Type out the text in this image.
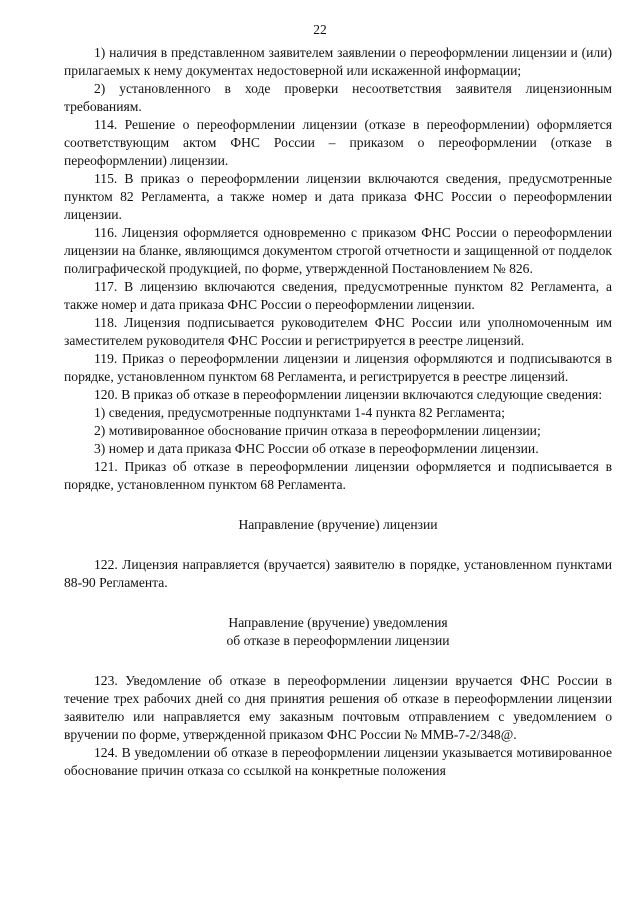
22

1) наличия в представленном заявителем заявлении о переоформлении лицензии и (или) прилагаемых к нему документах недостоверной или искаженной информации;

2) установленного в ходе проверки несоответствия заявителя лицензионным требованиям.

114. Решение о переоформлении лицензии (отказе в переоформлении) оформляется соответствующим актом ФНС России – приказом о переоформлении (отказе в переоформлении) лицензии.

115. В приказ о переоформлении лицензии включаются сведения, предусмотренные пунктом 82 Регламента, а также номер и дата приказа ФНС России о переоформлении лицензии.

116. Лицензия оформляется одновременно с приказом ФНС России о переоформлении лицензии на бланке, являющимся документом строгой отчетности и защищенной от подделок полиграфической продукцией, по форме, утвержденной Постановлением № 826.

117. В лицензию включаются сведения, предусмотренные пунктом 82 Регламента, а также номер и дата приказа ФНС России о переоформлении лицензии.

118. Лицензия подписывается руководителем ФНС России или уполномоченным им заместителем руководителя ФНС России и регистрируется в реестре лицензий.

119. Приказ о переоформлении лицензии и лицензия оформляются и подписываются в порядке, установленном пунктом 68 Регламента, и регистрируется в реестре лицензий.

120. В приказ об отказе в переоформлении лицензии включаются следующие сведения:

1) сведения, предусмотренные подпунктами 1-4 пункта 82 Регламента;

2) мотивированное обоснование причин отказа в переоформлении лицензии;

3) номер и дата приказа ФНС России об отказе в переоформлении лицензии.

121. Приказ об отказе в переоформлении лицензии оформляется и подписывается в порядке, установленном пунктом 68 Регламента.

Направление (вручение) лицензии

122. Лицензия направляется (вручается) заявителю в порядке, установленном пунктами 88-90 Регламента.

Направление (вручение) уведомления
об отказе в переоформлении лицензии

123. Уведомление об отказе в переоформлении лицензии вручается ФНС России в течение трех рабочих дней со дня принятия решения об отказе в переоформлении лицензии заявителю или направляется ему заказным почтовым отправлением с уведомлением о вручении по форме, утвержденной приказом ФНС России № ММВ-7-2/348@.

124. В уведомлении об отказе в переоформлении лицензии указывается мотивированное обоснование причин отказа со ссылкой на конкретные положения
